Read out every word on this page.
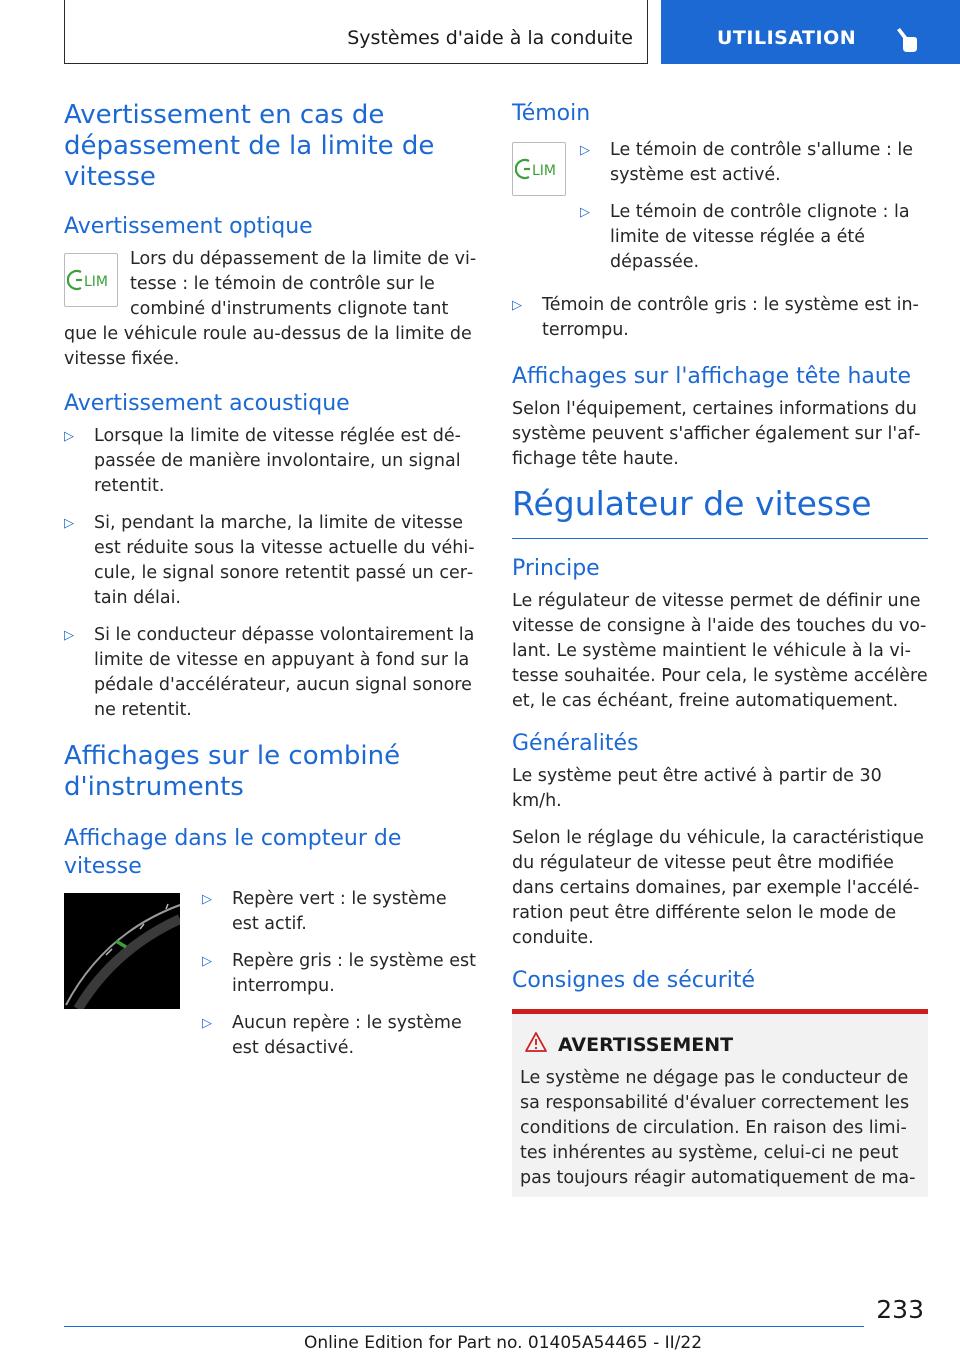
Systèmes d'aide à la conduite	UTILISATION
Avertissement en cas de dépassement de la limite de vitesse
Avertissement optique
LIM

Lors du dépassement de la limite de vitesse : le témoin de contrôle sur le combiné d'instruments clignote tant que le véhicule roule au-dessus de la limite de vitesse fixée.

Avertissement acoustique
▷ Lorsque la limite de vitesse réglée est dépassée de manière involontaire, un signal retentit.
▷ Si, pendant la marche, la limite de vitesse est réduite sous la vitesse actuelle du véhicule, le signal sonore retentit passé un certain délai.
▷ Si le conducteur dépasse volontairement la limite de vitesse en appuyant à fond sur la pédale d'accélérateur, aucun signal sonore ne retentit.
Affichages sur le combiné d'instruments
Affichage dans le compteur de vitesse
▷ Repère vert : le système est actif.
▷ Repère gris : le système est interrompu.
▷ Aucun repère : le système est désactivé.
Témoin
LIM
▷ Le témoin de contrôle s'allume : le système est activé.
▷ Le témoin de contrôle clignote : la limite de vitesse réglée a été dépassée.
▷ Témoin de contrôle gris : le système est interrompu.
Affichages sur l'affichage tête haute

Selon l'équipement, certaines informations du système peuvent s'afficher également sur l'affichage tête haute.

Régulateur de vitesse
Principe

Le régulateur de vitesse permet de définir une vitesse de consigne à l'aide des touches du volant. Le système maintient le véhicule à la vitesse souhaitée. Pour cela, le système accélère et, le cas échéant, freine automatiquement.

Généralités

Le système peut être activé à partir de 30 km/h.

Selon le réglage du véhicule, la caractéristique du régulateur de vitesse peut être modifiée dans certains domaines, par exemple l'accélération peut être différente selon le mode de conduite.

Consignes de sécurité
AVERTISSEMENT

Le système ne dégage pas le conducteur de sa responsabilité d'évaluer correctement les conditions de circulation. En raison des limites inhérentes au système, celui-ci ne peut pas toujours réagir automatiquement de ma-

233
Online Edition for Part no. 01405A54465 - II/22
